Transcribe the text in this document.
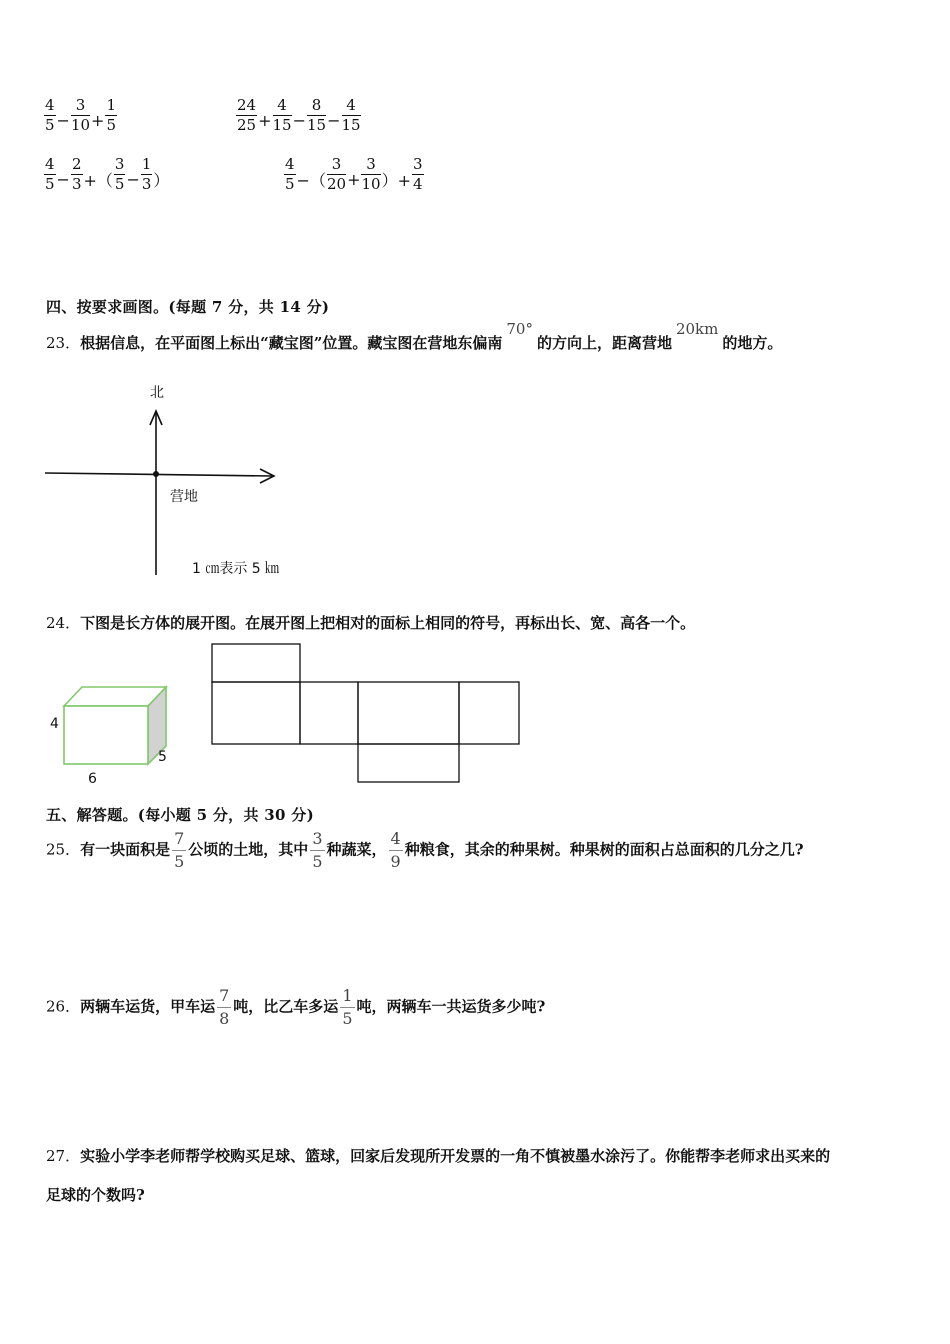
$\frac{4}{5} - \frac{3}{10} + \frac{1}{5}$	$\frac{24}{25} + \frac{4}{15} - \frac{8}{15} - \frac{4}{15}$
$\frac{4}{5} - \frac{2}{3}$ +（ $\frac{3}{5} - \frac{1}{3}$ ）	$\frac{4}{5}$ −（ $\frac{3}{20} + \frac{3}{10}$ ）+ $\frac{3}{4}$
四、按要求画图。(每题 7 分，共 14 分)
23．根据信息，在平面图上标出“藏宝图”位置。藏宝图在营地东偏南70°的方向上，距离营地20km的地方。
北
营地
1 ㎝表示 5 ㎞
24．下图是长方体的展开图。在展开图上把相对的面标上相同的符号，再标出长、宽、高各一个。
4
6
5
五、解答题。(每小题 5 分，共 30 分)
25．有一块面积是 $\frac{7}{5}$ 公顷的土地，其中 $\frac{3}{5}$ 种蔬菜， $\frac{4}{9}$ 种粮食，其余的种果树。种果树的面积占总面积的几分之几?
26．两辆车运货，甲车运 $\frac{7}{8}$ 吨，比乙车多运 $\frac{1}{5}$ 吨，两辆车一共运货多少吨?
27．实验小学李老师帮学校购买足球、篮球，回家后发现所开发票的一角不慎被墨水涂污了。你能帮李老师求出买来的
足球的个数吗?
